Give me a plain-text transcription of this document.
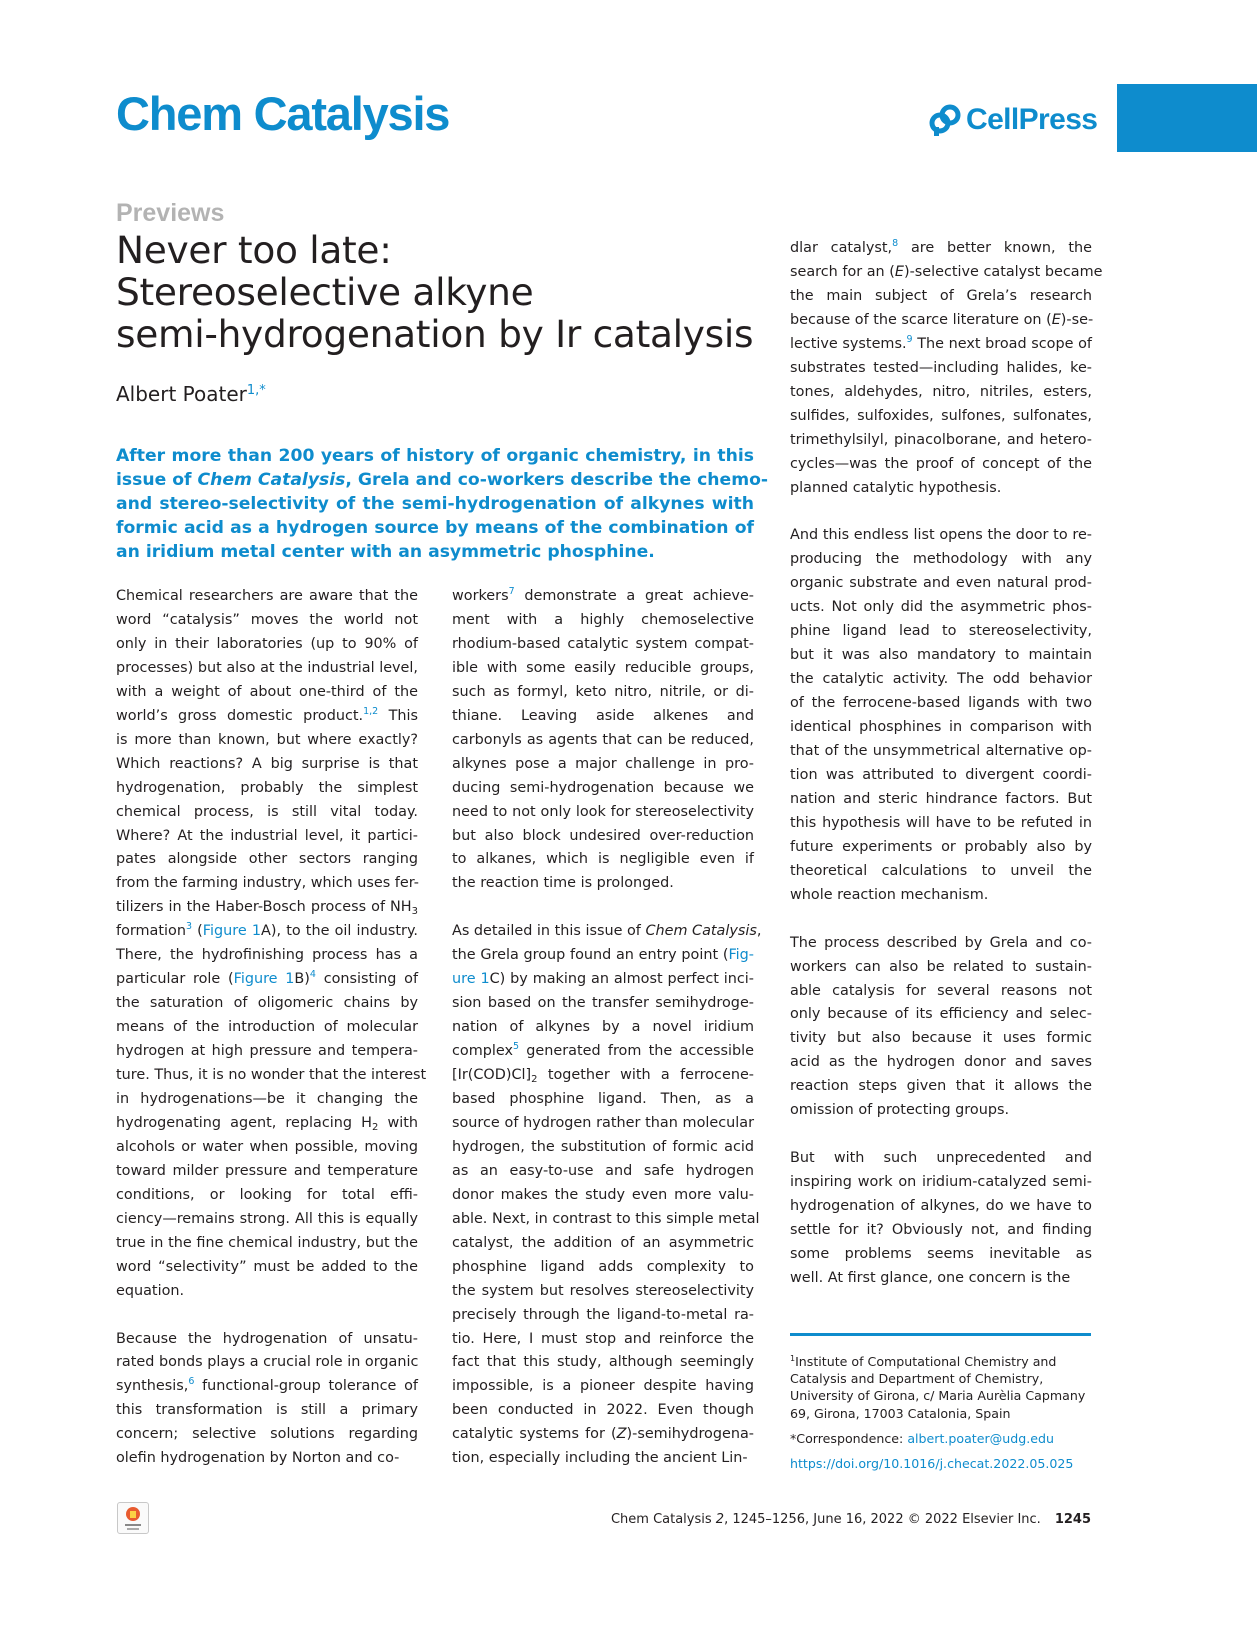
Chem Catalysis	CellPress
Previews
Never too late:
Stereoselective alkyne
semi-hydrogenation by Ir catalysis
Albert Poater$^{1,*}$
After more than 200 years of history of organic chemistry, in this
issue of Chem Catalysis, Grela and co-workers describe the chemo-
and stereo-selectivity of the semi-hydrogenation of alkynes with
formic acid as a hydrogen source by means of the combination of
an iridium metal center with an asymmetric phosphine.

Chemical researchers are aware that the
word “catalysis” moves the world not
only in their laboratories (up to 90% of
processes) but also at the industrial level,
with a weight of about one-third of the
world’s gross domestic product.$^{1,2}$ This
is more than known, but where exactly?
Which reactions? A big surprise is that
hydrogenation, probably the simplest
chemical process, is still vital today.
Where? At the industrial level, it partici-
pates alongside other sectors ranging
from the farming industry, which uses fer-
tilizers in the Haber-Bosch process of $NH_3$
formation$^3$ (Figure 1A), to the oil industry.
There, the hydrofinishing process has a
particular role (Figure 1B)$^4$ consisting of
the saturation of oligomeric chains by
means of the introduction of molecular
hydrogen at high pressure and tempera-
ture. Thus, it is no wonder that the interest
in hydrogenations—be it changing the
hydrogenating agent, replacing $H_2$ with
alcohols or water when possible, moving
toward milder pressure and temperature
conditions, or looking for total effi-
ciency—remains strong. All this is equally
true in the fine chemical industry, but the
word “selectivity” must be added to the
equation.

Because the hydrogenation of unsatu-
rated bonds plays a crucial role in organic
synthesis,$^6$ functional-group tolerance of
this transformation is still a primary
concern; selective solutions regarding
olefin hydrogenation by Norton and co-

workers$^7$ demonstrate a great achieve-
ment with a highly chemoselective
rhodium-based catalytic system compat-
ible with some easily reducible groups,
such as formyl, keto nitro, nitrile, or di-
thiane. Leaving aside alkenes and
carbonyls as agents that can be reduced,
alkynes pose a major challenge in pro-
ducing semi-hydrogenation because we
need to not only look for stereoselectivity
but also block undesired over-reduction
to alkanes, which is negligible even if
the reaction time is prolonged.

As detailed in this issue of Chem Catalysis,
the Grela group found an entry point (Fig-
ure 1C) by making an almost perfect inci-
sion based on the transfer semihydroge-
nation of alkynes by a novel iridium
complex$^5$ generated from the accessible
$[Ir(COD)Cl]_2$ together with a ferrocene-
based phosphine ligand. Then, as a
source of hydrogen rather than molecular
hydrogen, the substitution of formic acid
as an easy-to-use and safe hydrogen
donor makes the study even more valu-
able. Next, in contrast to this simple metal
catalyst, the addition of an asymmetric
phosphine ligand adds complexity to
the system but resolves stereoselectivity
precisely through the ligand-to-metal ra-
tio. Here, I must stop and reinforce the
fact that this study, although seemingly
impossible, is a pioneer despite having
been conducted in 2022. Even though
catalytic systems for (Z)-semihydrogena-
tion, especially including the ancient Lin-

dlar catalyst,$^8$ are better known, the
search for an (E)-selective catalyst became
the main subject of Grela’s research
because of the scarce literature on (E)-se-
lective systems.$^9$ The next broad scope of
substrates tested—including halides, ke-
tones, aldehydes, nitro, nitriles, esters,
sulfides, sulfoxides, sulfones, sulfonates,
trimethylsilyl, pinacolborane, and hetero-
cycles—was the proof of concept of the
planned catalytic hypothesis.

And this endless list opens the door to re-
producing the methodology with any
organic substrate and even natural prod-
ucts. Not only did the asymmetric phos-
phine ligand lead to stereoselectivity,
but it was also mandatory to maintain
the catalytic activity. The odd behavior
of the ferrocene-based ligands with two
identical phosphines in comparison with
that of the unsymmetrical alternative op-
tion was attributed to divergent coordi-
nation and steric hindrance factors. But
this hypothesis will have to be refuted in
future experiments or probably also by
theoretical calculations to unveil the
whole reaction mechanism.

The process described by Grela and co-
workers can also be related to sustain-
able catalysis for several reasons not
only because of its efficiency and selec-
tivity but also because it uses formic
acid as the hydrogen donor and saves
reaction steps given that it allows the
omission of protecting groups.

But with such unprecedented and
inspiring work on iridium-catalyzed semi-
hydrogenation of alkynes, do we have to
settle for it? Obviously not, and finding
some problems seems inevitable as
well. At first glance, one concern is the

$^1$Institute of Computational Chemistry and Catalysis and Department of Chemistry, University of Girona, c/ Maria Aurèlia Capmany 69, Girona, 17003 Catalonia, Spain

*Correspondence: albert.poater@udg.edu

https://doi.org/10.1016/j.checat.2022.05.025

Chem Catalysis 2, 1245–1256, June 16, 2022 © 2022 Elsevier Inc. 1245
